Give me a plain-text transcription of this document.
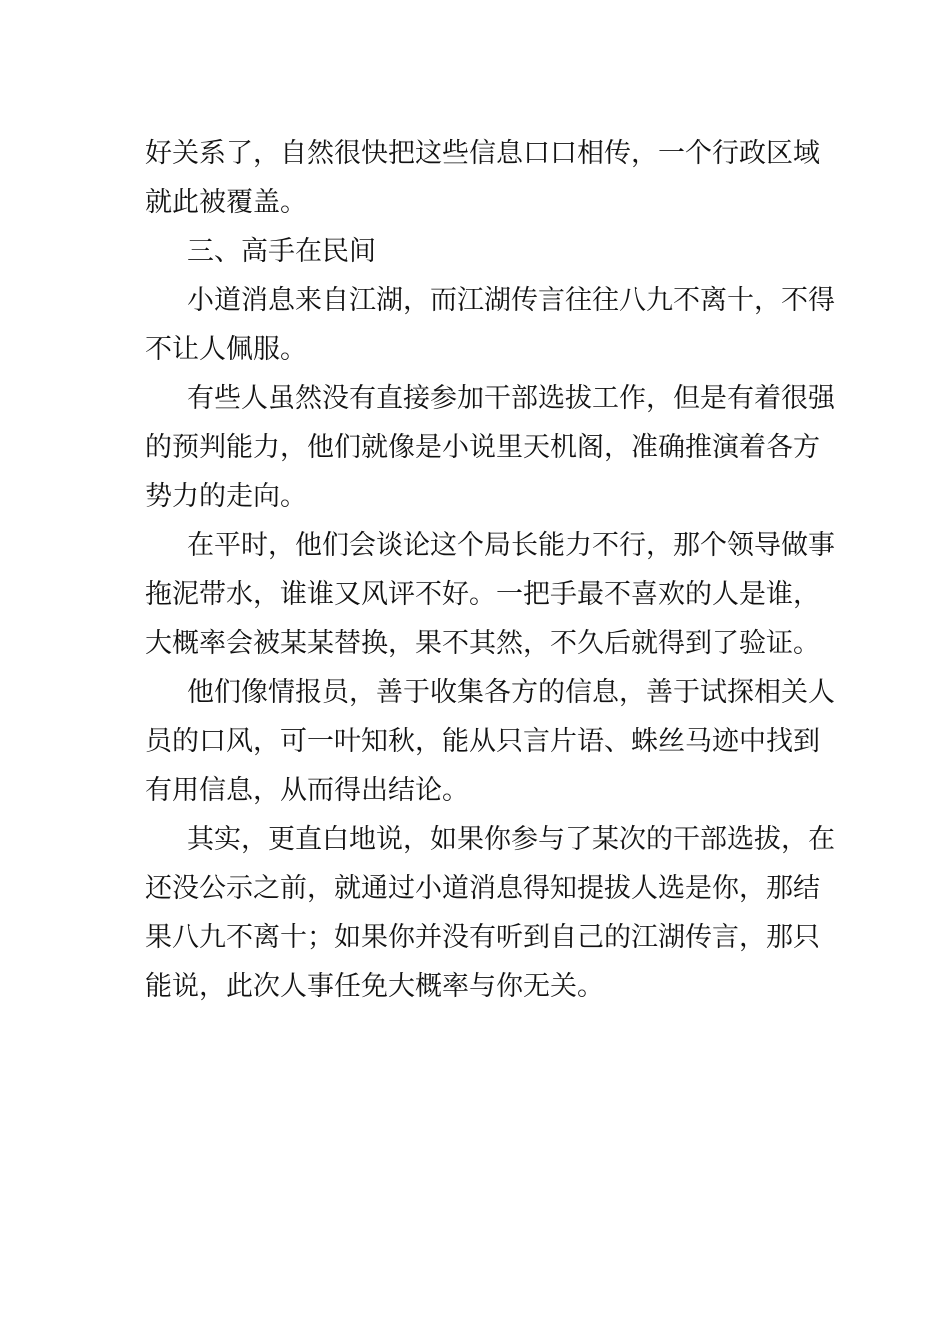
好关系了，自然很快把这些信息口口相传，一个行政区域
就此被覆盖。

三、高手在民间

小道消息来自江湖，而江湖传言往往八九不离十，不得
不让人佩服。

有些人虽然没有直接参加干部选拔工作，但是有着很强
的预判能力，他们就像是小说里天机阁，准确推演着各方
势力的走向。

在平时，他们会谈论这个局长能力不行，那个领导做事
拖泥带水，谁谁又风评不好。一把手最不喜欢的人是谁，
大概率会被某某替换，果不其然，不久后就得到了验证。

他们像情报员，善于收集各方的信息，善于试探相关人
员的口风，可一叶知秋，能从只言片语、蛛丝马迹中找到
有用信息，从而得出结论。

其实，更直白地说，如果你参与了某次的干部选拔，在
还没公示之前，就通过小道消息得知提拔人选是你，那结
果八九不离十；如果你并没有听到自己的江湖传言，那只
能说，此次人事任免大概率与你无关。
